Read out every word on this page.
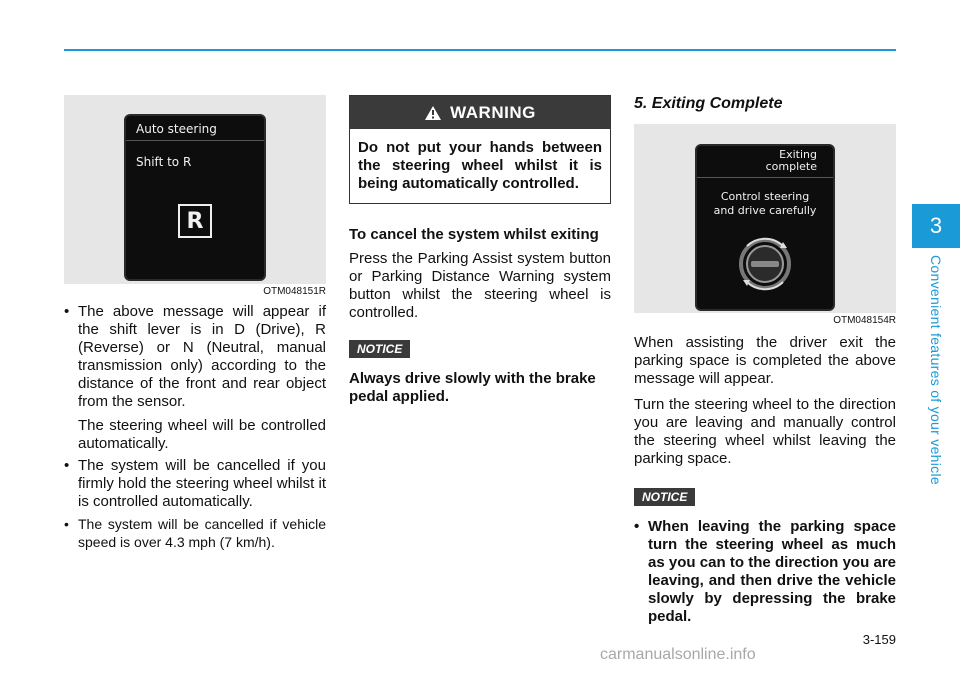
Auto steering
Shift to R
R
OTM048151R
• The above message will appear if the shift lever is in D (Drive), R (Reverse) or N (Neutral, manual transmission only) according to the distance of the front and rear object from the sensor.
The steering wheel will be controlled automatically.
• The system will be cancelled if you firmly hold the steering wheel whilst it is controlled automatically.
• The system will be cancelled if vehicle speed is over 4.3 mph (7 km/h).
WARNING
Do not put your hands between the steering wheel whilst it is being automatically controlled.
To cancel the system whilst exiting
Press the Parking Assist system button or Parking Distance Warning system button whilst the steering wheel is controlled.
NOTICE
Always drive slowly with the brake pedal applied.
5. Exiting Complete
Exiting
complete
Control steering
and drive carefully
OTM048154R
When assisting the driver exit the parking space is completed the above message will appear.
Turn the steering wheel to the direction you are leaving and manually control the steering wheel whilst leaving the parking space.
NOTICE
• When leaving the parking space turn the steering wheel as much as you can to the direction you are leaving, and then drive the vehicle slowly by depressing the brake pedal.
3
Convenient features of your vehicle
3-159
carmanualsonline.info
